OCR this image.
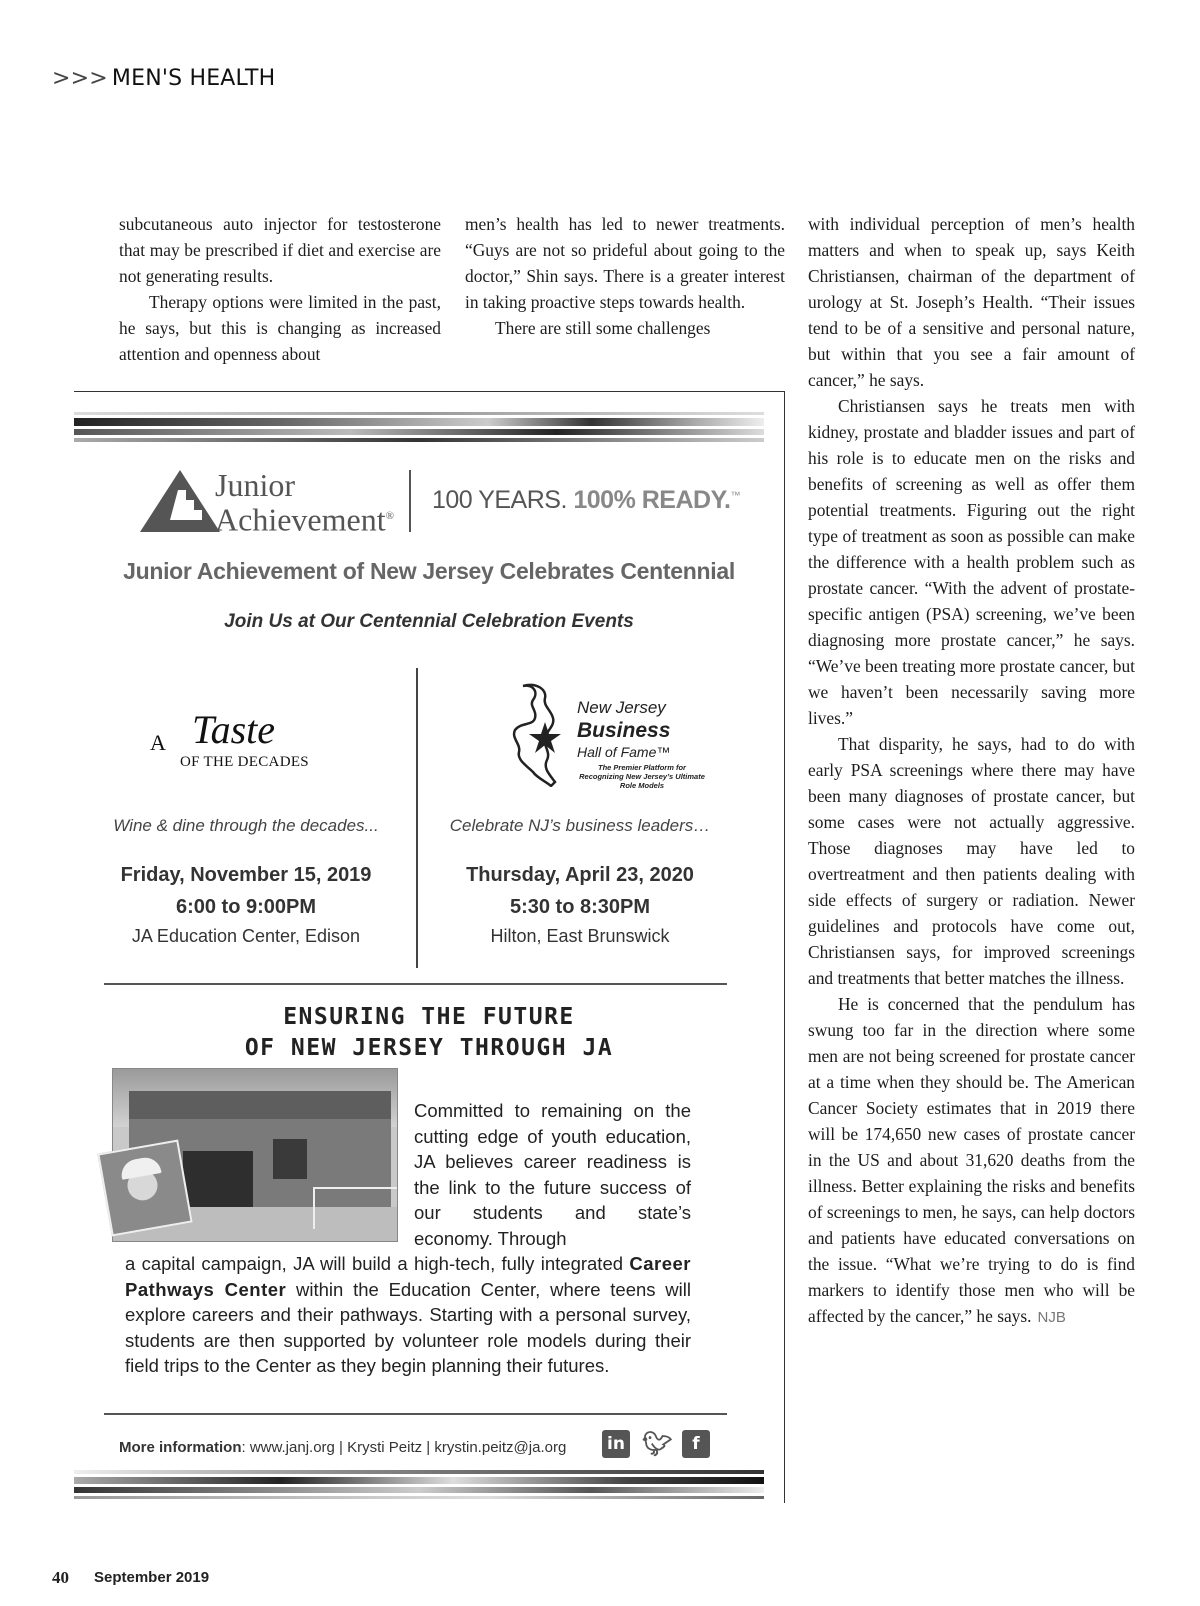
>>> MEN'S HEALTH

subcutaneous auto injector for testosterone that may be prescribed if diet and exercise are not generating results.

Therapy options were limited in the past, he says, but this is changing as increased attention and openness about

men’s health has led to newer treatments. “Guys are not so prideful about going to the doctor,” Shin says. There is a greater interest in taking proactive steps towards health.

There are still some challenges

with individual perception of men’s health matters and when to speak up, says Keith Christiansen, chairman of the department of urology at St. Joseph’s Health. “Their issues tend to be of a sensitive and personal nature, but within that you see a fair amount of cancer,” he says.

Christiansen says he treats men with kidney, prostate and bladder issues and part of his role is to educate men on the risks and benefits of screening as well as offer them potential treatments. Figuring out the right type of treatment as soon as possible can make the difference with a health problem such as prostate cancer. “With the advent of prostate-specific antigen (PSA) screening, we’ve been diagnosing more prostate cancer,” he says. “We’ve been treating more prostate cancer, but we haven’t been necessarily saving more lives.”

That disparity, he says, had to do with early PSA screenings where there may have been many diagnoses of prostate cancer, but some cases were not actually aggressive. Those diagnoses may have led to overtreatment and then patients dealing with side effects of surgery or radiation. Newer guidelines and protocols have come out, Christiansen says, for improved screenings and treatments that better matches the illness.

He is concerned that the pendulum has swung too far in the direction where some men are not being screened for prostate cancer at a time when they should be. The American Cancer Society estimates that in 2019 there will be 174,650 new cases of prostate cancer in the US and about 31,620 deaths from the illness. Better explaining the risks and benefits of screenings to men, he says, can help doctors and patients have educated conversations on the issue. “What we’re trying to do is find markers to identify those men who will be affected by the cancer,” he says. NJB

Junior
Achievement®
100 YEARS. 100% READY.™
Junior Achievement of New Jersey Celebrates Centennial
Join Us at Our Centennial Celebration Events
A Taste
OF THE DECADES
New Jersey
Business
Hall of Fame™
The Premier Platform for Recognizing New Jersey’s Ultimate Role Models
Wine & dine through the decades...
Friday, November 15, 2019
6:00 to 9:00PM
JA Education Center, Edison
Celebrate NJ’s business leaders…
Thursday, April 23, 2020
5:30 to 8:30PM
Hilton, East Brunswick
ENSURING THE FUTURE
OF NEW JERSEY THROUGH JA
Committed to remaining on the cutting edge of youth education, JA believes career readiness is the link to the future success of our students and state’s economy. Through
a capital campaign, JA will build a high-tech, fully integrated Career Pathways Center within the Education Center, where teens will explore careers and their pathways. Starting with a personal survey, students are then supported by volunteer role models during their field trips to the Center as they begin planning their futures.
More information: www.janj.org | Krysti Peitz | krystin.peitz@ja.org in 🐦︎	f
40 September 2019
